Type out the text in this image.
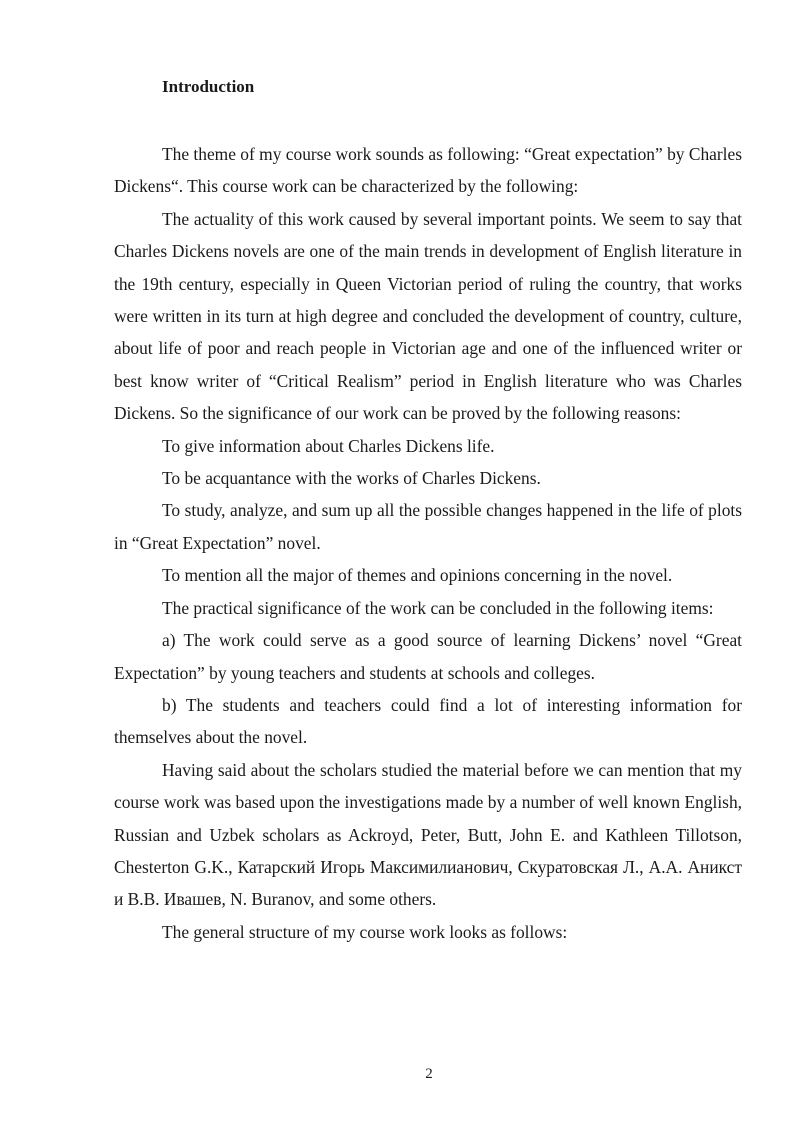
Introduction

The theme of my course work sounds as following: “Great expectation” by Charles Dickens“. This course work can be characterized by the following:

The actuality of this work caused by several important points. We seem to say that Charles Dickens novels are one of the main trends in development of English literature in the 19th century, especially in Queen Victorian period of ruling the country, that works were written in its turn at high degree and concluded the development of country, culture, about life of poor and reach people in Victorian age and one of the influenced writer or best know writer of “Critical Realism” period in English literature who was Charles Dickens. So the significance of our work can be proved by the following reasons:

To give information about Charles Dickens life.

To be acquantance with the works of Charles Dickens.

To study, analyze, and sum up all the possible changes happened in the life of plots in “Great Expectation” novel.

To mention all the major of themes and opinions concerning in the novel.

The practical significance of the work can be concluded in the following items:

a) The work could serve as a good source of learning Dickens’ novel “Great Expectation” by young teachers and students at schools and colleges.

b) The students and teachers could find a lot of interesting information for themselves about the novel.

Having said about the scholars studied the material before we can mention that my course work was based upon the investigations made by a number of well known English, Russian and Uzbek scholars as Ackroyd, Peter, Butt, John E. and Kathleen Tillotson, Chesterton G.K., Катарский Игорь Максимилианович, Скуратовская Л., А.А. Аникст и В.В. Ивашев, N. Buranov, and some others.

The general structure of my course work looks as follows:

2
